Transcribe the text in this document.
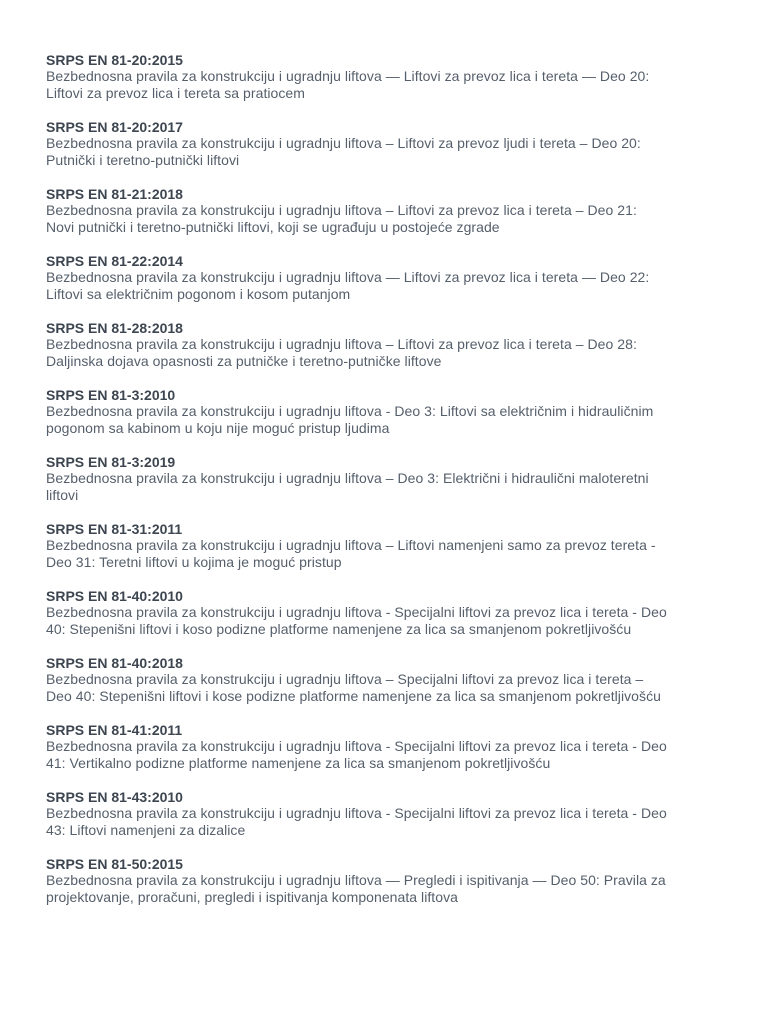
SRPS EN 81-20:2015
Bezbednosna pravila za konstrukciju i ugradnju liftova — Liftovi za prevoz lica i tereta — Deo 20:
Liftovi za prevoz lica i tereta sa pratiocem
SRPS EN 81-20:2017
Bezbednosna pravila za konstrukciju i ugradnju liftova – Liftovi za prevoz ljudi i tereta – Deo 20:
Putnički i teretno-putnički liftovi
SRPS EN 81-21:2018
Bezbednosna pravila za konstrukciju i ugradnju liftova – Liftovi za prevoz lica i tereta – Deo 21:
Novi putnički i teretno-putnički liftovi, koji se ugrađuju u postojeće zgrade
SRPS EN 81-22:2014
Bezbednosna pravila za konstrukciju i ugradnju liftova — Liftovi za prevoz lica i tereta — Deo 22:
Liftovi sa električnim pogonom i kosom putanjom
SRPS EN 81-28:2018
Bezbednosna pravila za konstrukciju i ugradnju liftova – Liftovi za prevoz lica i tereta – Deo 28:
Daljinska dojava opasnosti za putničke i teretno-putničke liftove
SRPS EN 81-3:2010
Bezbednosna pravila za konstrukciju i ugradnju liftova - Deo 3: Liftovi sa električnim i hidrauličnim
pogonom sa kabinom u koju nije moguć pristup ljudima
SRPS EN 81-3:2019
Bezbednosna pravila za konstrukciju i ugradnju liftova – Deo 3: Električni i hidraulični maloteretni
liftovi
SRPS EN 81-31:2011
Bezbednosna pravila za konstrukciju i ugradnju liftova – Liftovi namenjeni samo za prevoz tereta -
Deo 31: Teretni liftovi u kojima je moguć pristup
SRPS EN 81-40:2010
Bezbednosna pravila za konstrukciju i ugradnju liftova - Specijalni liftovi za prevoz lica i tereta - Deo
40: Stepenišni liftovi i koso podizne platforme namenjene za lica sa smanjenom pokretljivošću
SRPS EN 81-40:2018
Bezbednosna pravila za konstrukciju i ugradnju liftova – Specijalni liftovi za prevoz lica i tereta –
Deo 40: Stepenišni liftovi i kose podizne platforme namenjene za lica sa smanjenom pokretljivošću
SRPS EN 81-41:2011
Bezbednosna pravila za konstrukciju i ugradnju liftova - Specijalni liftovi za prevoz lica i tereta - Deo
41: Vertikalno podizne platforme namenjene za lica sa smanjenom pokretljivošću
SRPS EN 81-43:2010
Bezbednosna pravila za konstrukciju i ugradnju liftova - Specijalni liftovi za prevoz lica i tereta - Deo
43: Liftovi namenjeni za dizalice
SRPS EN 81-50:2015
Bezbednosna pravila za konstrukciju i ugradnju liftova — Pregledi i ispitivanja — Deo 50: Pravila za
projektovanje, proračuni, pregledi i ispitivanja komponenata liftova
